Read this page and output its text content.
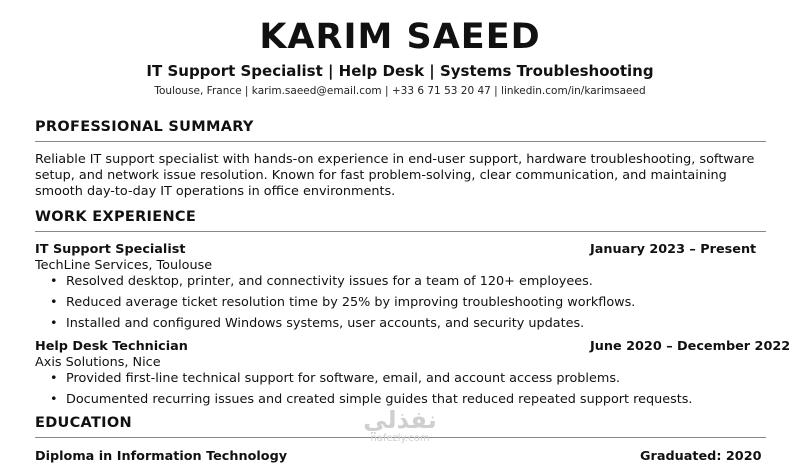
KARIM SAEED
IT Support Specialist | Help Desk | Systems Troubleshooting
Toulouse, France | karim.saeed@email.com | +33 6 71 53 20 47 | linkedin.com/in/karimsaeed
PROFESSIONAL SUMMARY
Reliable IT support specialist with hands-on experience in end-user support, hardware troubleshooting, software setup, and network issue resolution. Known for fast problem-solving, clear communication, and maintaining smooth day-to-day IT operations in office environments.
WORK EXPERIENCE
IT Support Specialist	January 2023 – Present
TechLine Services, Toulouse
• Resolved desktop, printer, and connectivity issues for a team of 120+ employees.
• Reduced average ticket resolution time by 25% by improving troubleshooting workflows.
• Installed and configured Windows systems, user accounts, and security updates.
Help Desk Technician	June 2020 – December 2022
Axis Solutions, Nice
• Provided first-line technical support for software, email, and account access problems.
• Documented recurring issues and created simple guides that reduced repeated support requests.
EDUCATION
Diploma in Information Technology	Graduated: 2020
نفذلي
nafezly.com
